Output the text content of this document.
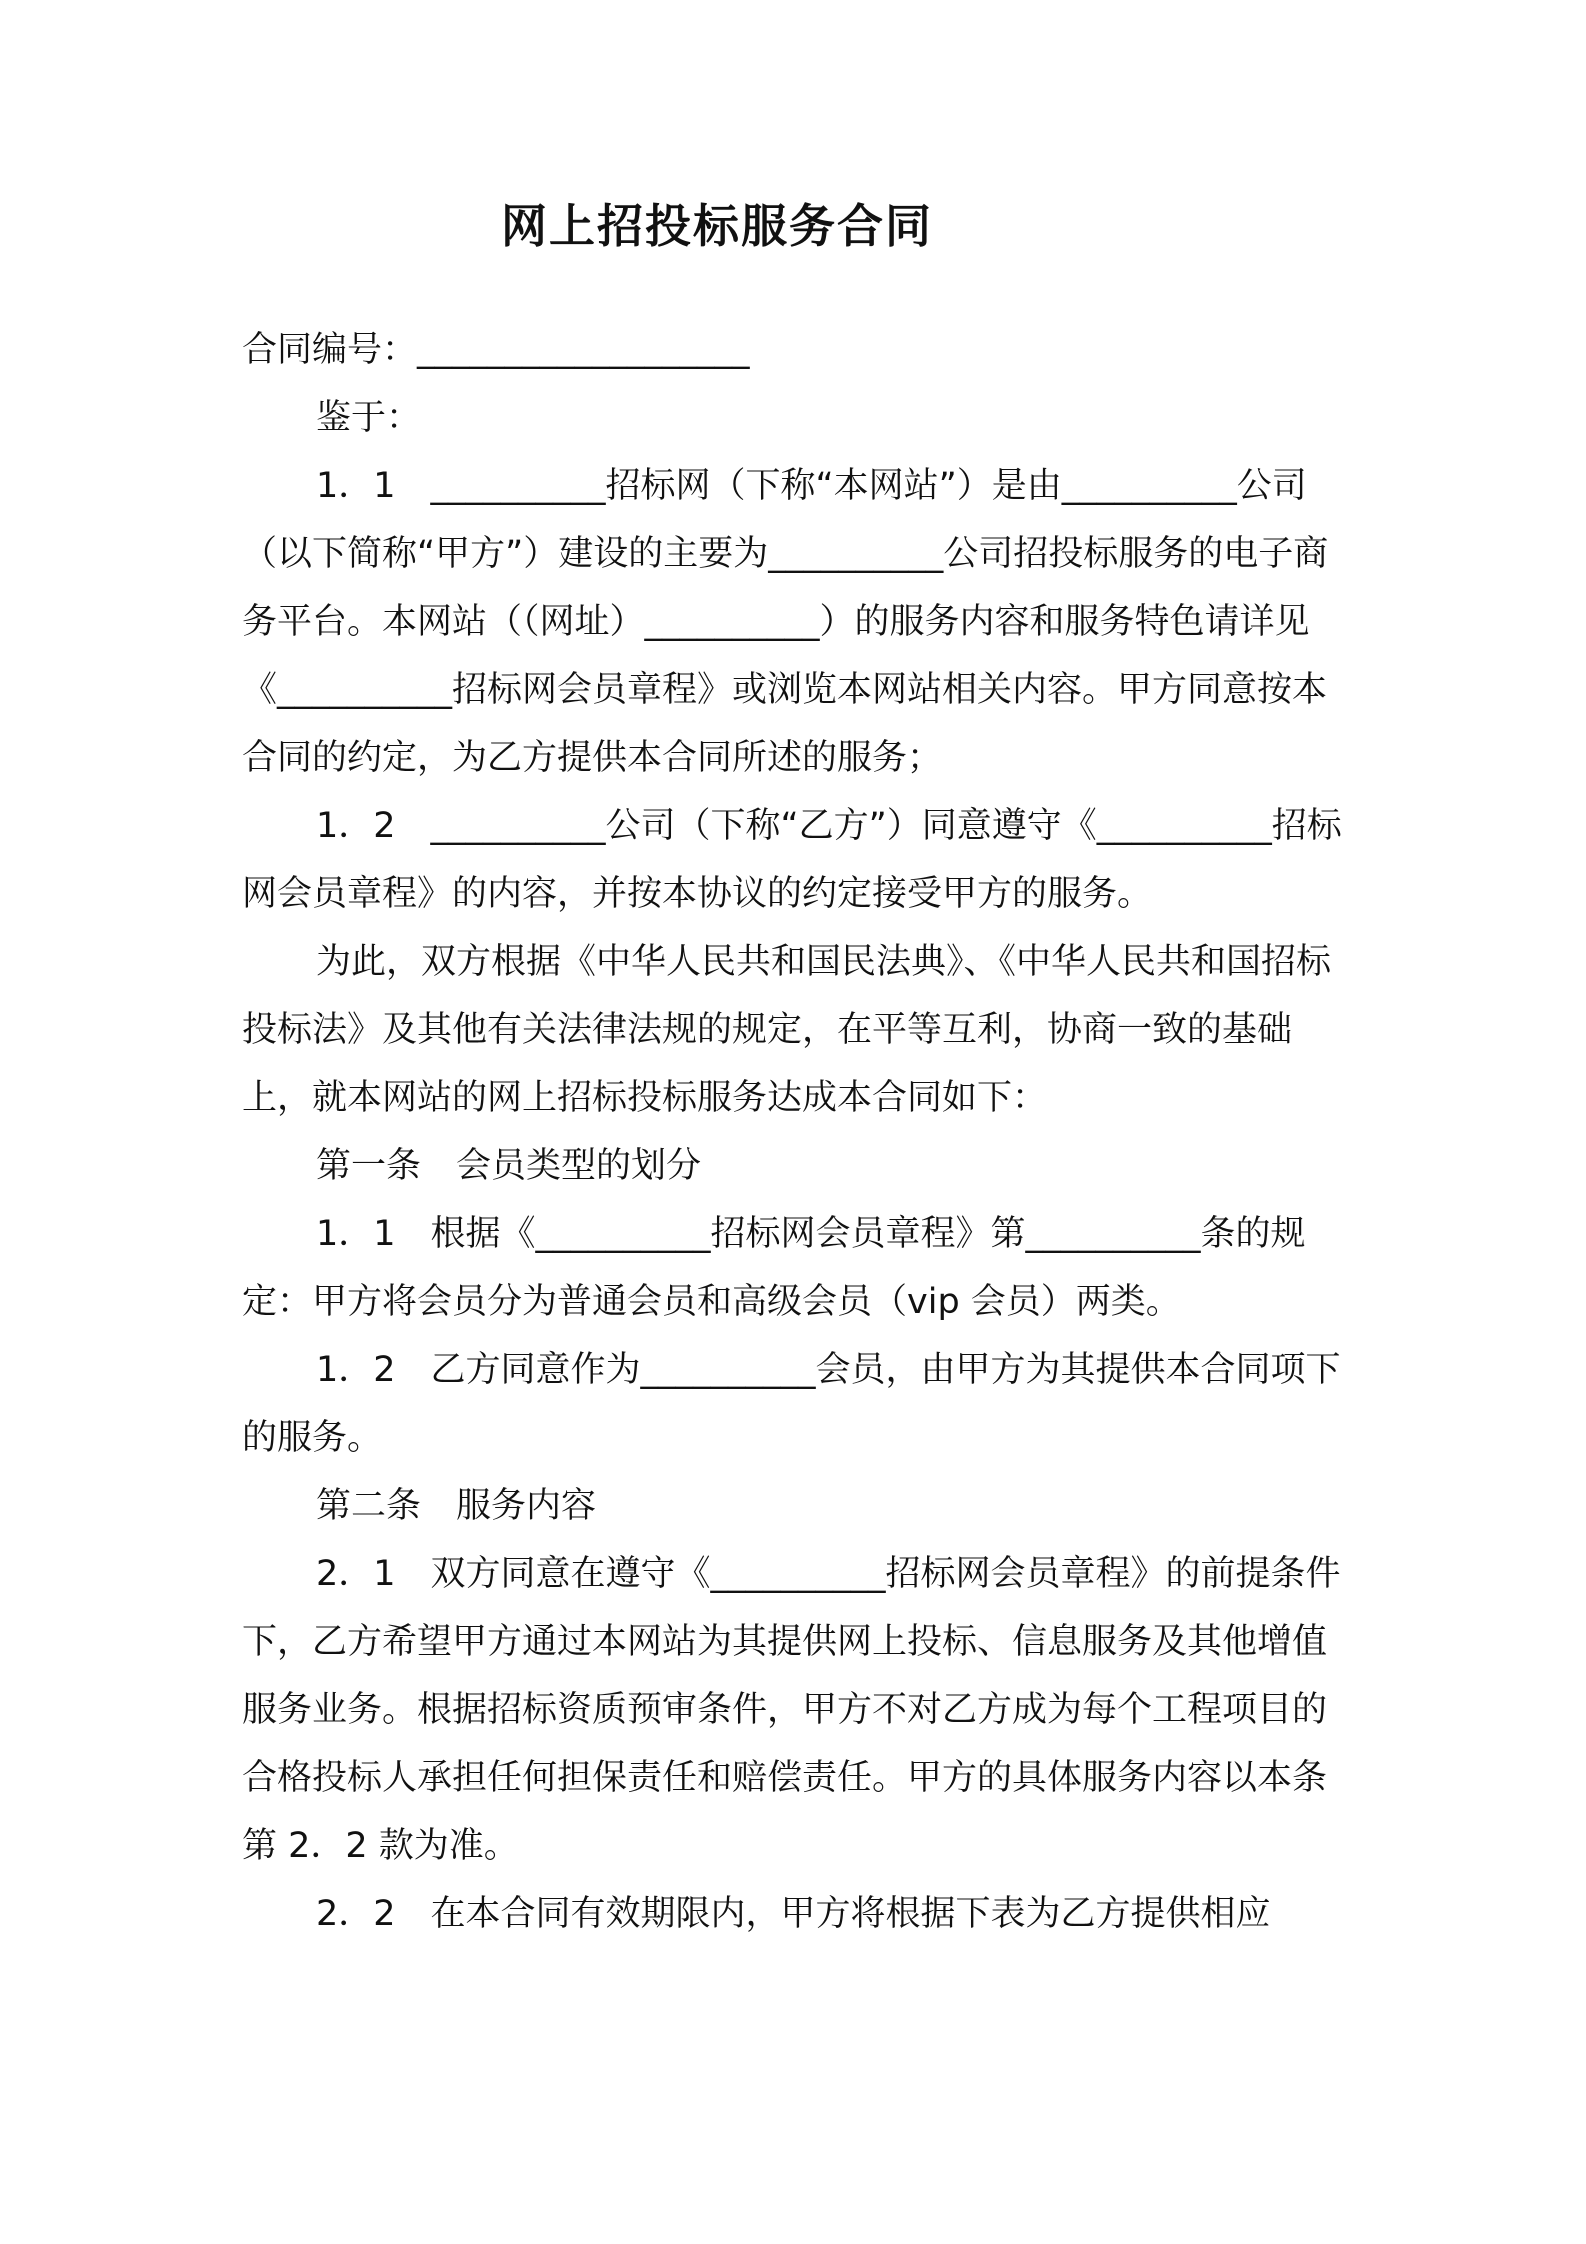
网上招投标服务合同

合同编号：___________________

鉴于：

1．1　__________招标网（下称“本网站”）是由__________公司（以下简称“甲方”）建设的主要为__________公司招投标服务的电子商务平台。本网站（（网址）__________）的服务内容和服务特色请详见《__________招标网会员章程》或浏览本网站相关内容。甲方同意按本合同的约定，为乙方提供本合同所述的服务；

1．2　__________公司（下称“乙方”）同意遵守《__________招标网会员章程》的内容，并按本协议的约定接受甲方的服务。

为此，双方根据《中华人民共和国民法典》、《中华人民共和国招标投标法》及其他有关法律法规的规定，在平等互利，协商一致的基础上，就本网站的网上招标投标服务达成本合同如下：

第一条　会员类型的划分

1．1　根据《__________招标网会员章程》第__________条的规定：甲方将会员分为普通会员和高级会员（vip 会员）两类。

1．2　乙方同意作为__________会员，由甲方为其提供本合同项下的服务。

第二条　服务内容

2．1　双方同意在遵守《__________招标网会员章程》的前提条件下，乙方希望甲方通过本网站为其提供网上投标、信息服务及其他增值服务业务。根据招标资质预审条件，甲方不对乙方成为每个工程项目的合格投标人承担任何担保责任和赔偿责任。甲方的具体服务内容以本条第 2．2 款为准。

2．2　在本合同有效期限内，甲方将根据下表为乙方提供相应
